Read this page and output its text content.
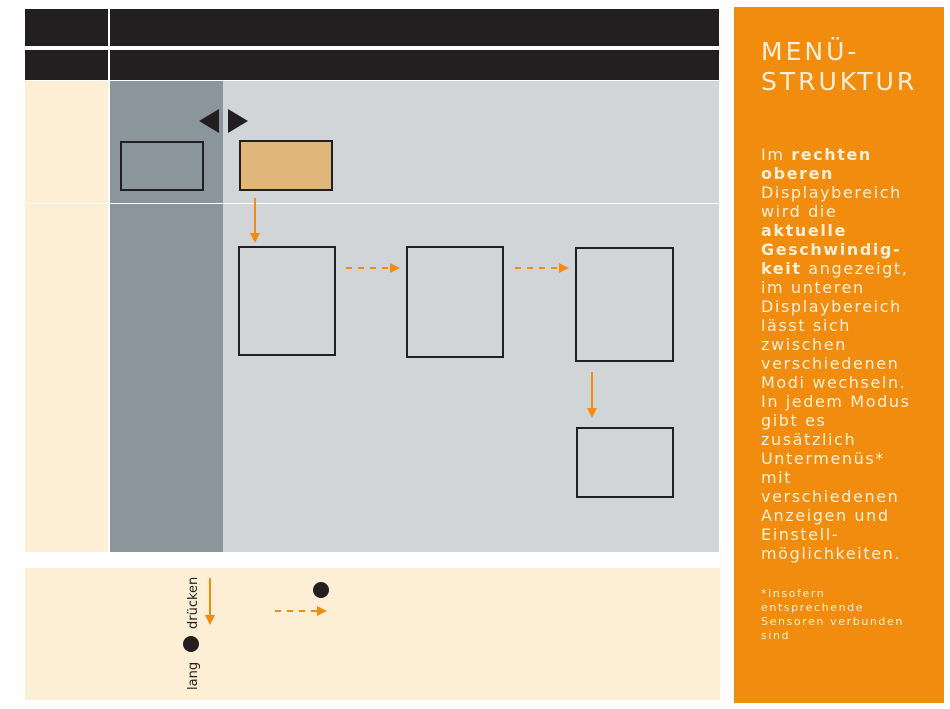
lang
drücken
MENÜ-
STRUKTUR
Im rechten oberen Displaybereich wird die aktuelle Geschwindig-keit angezeigt, im unteren Displaybereich lässt sich zwischen verschiedenen Modi wechseln. In jedem Modus gibt es zusätzlich Untermenüs* mit verschiedenen Anzeigen und Einstell-möglichkeiten.
*insofern entsprechende Sensoren verbunden sind
